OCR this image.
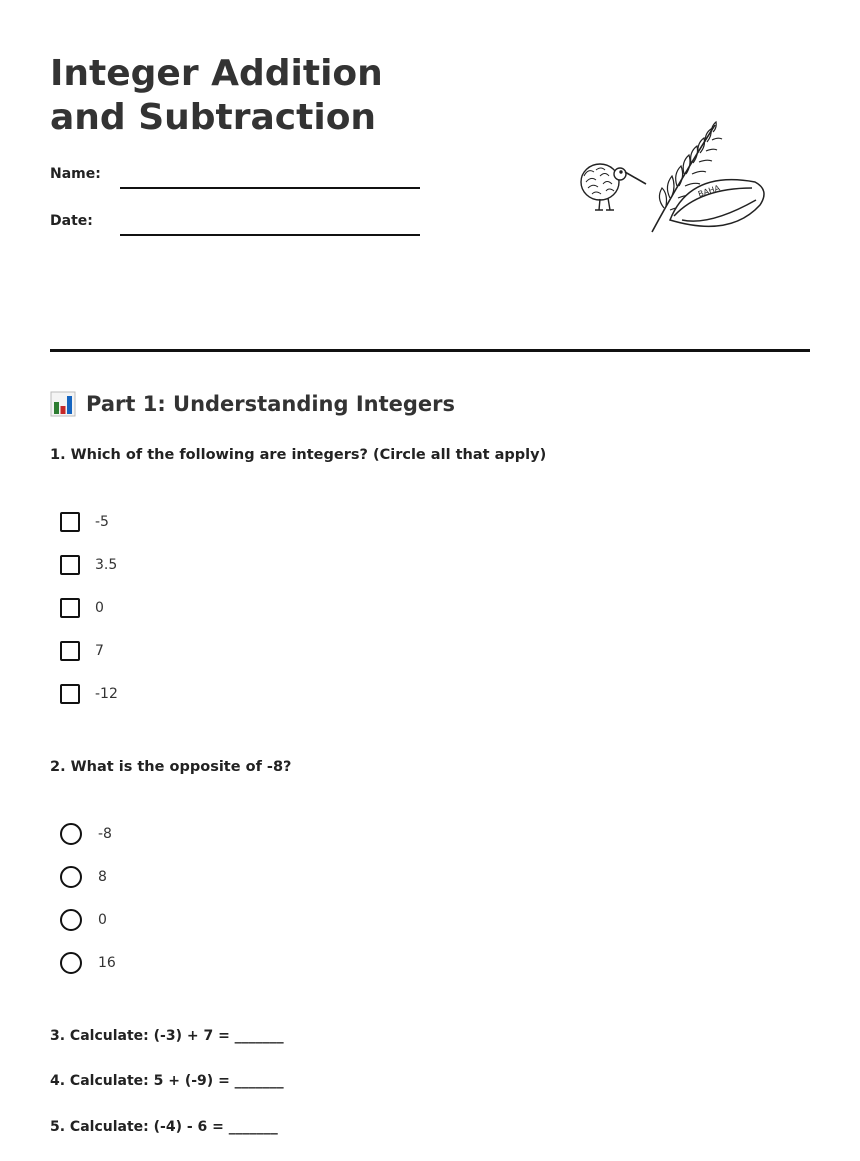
Integer Addition and Subtraction
Name:
Date:
BAHA
Part 1: Understanding Integers

1. Which of the following are integers? (Circle all that apply)

-5
3.5
0
7
-12

2. What is the opposite of -8?

-8
8
0
16

3. Calculate: (-3) + 7 = _______

4. Calculate: 5 + (-9) = _______

5. Calculate: (-4) - 6 = _______
